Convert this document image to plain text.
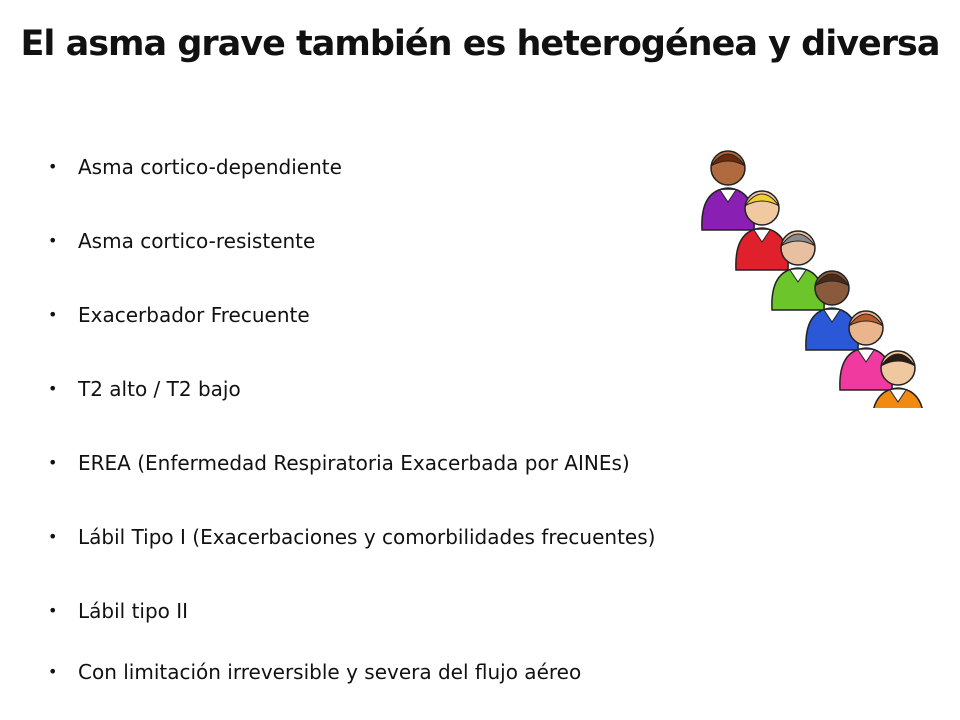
El asma grave también es heterogénea y diversa
•	Asma cortico-dependiente
•	Asma cortico-resistente
•	Exacerbador Frecuente
•	T2 alto / T2 bajo
•	EREA (Enfermedad Respiratoria Exacerbada por AINEs)
•	Lábil Tipo I (Exacerbaciones y comorbilidades frecuentes)
•	Lábil tipo II
•	Con limitación irreversible y severa del flujo aéreo
